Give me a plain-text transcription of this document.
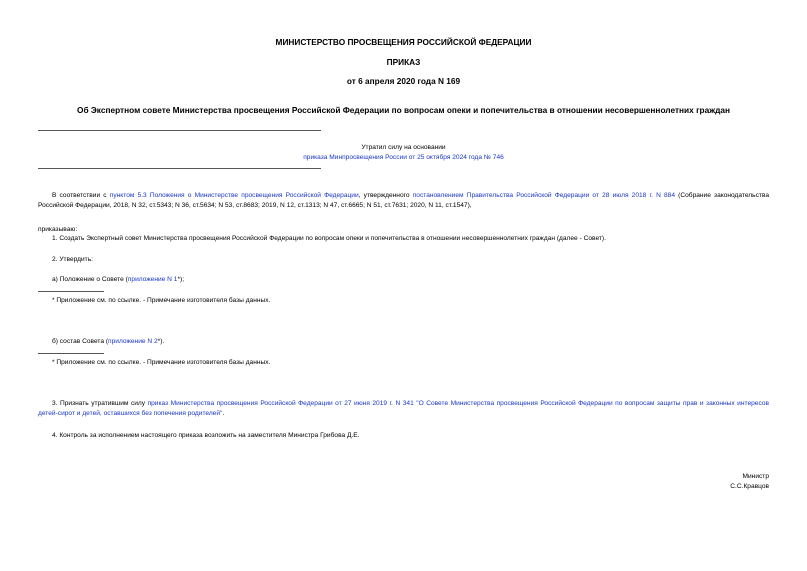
МИНИСТЕРСТВО ПРОСВЕЩЕНИЯ РОССИЙСКОЙ ФЕДЕРАЦИИ
ПРИКАЗ
от 6 апреля 2020 года N 169
Об Экспертном совете Министерства просвещения Российской Федерации по вопросам опеки и попечительства в отношении несовершеннолетних граждан
Утратил силу на основании
приказа Минпросвещения России от 25 октября 2024 года № 746
В соответствии с пунктом 5.3 Положения о Министерстве просвещения Российской Федерации, утвержденного постановлением Правительства Российской Федерации от 28 июля 2018 г. N 884 (Собрание законодательства Российской Федерации, 2018, N 32, ст.5343; N 36, ст.5634; N 53, ст.8683; 2019, N 12, ст.1313; N 47, ст.6665; N 51, ст.7631; 2020, N 11, ст.1547),
приказываю:
1. Создать Экспертный совет Министерства просвещения Российской Федерации по вопросам опеки и попечительства в отношении несовершеннолетних граждан (далее - Совет).
2. Утвердить:
а) Положение о Совете (приложение N 1*);
* Приложение см. по ссылке. - Примечание изготовителя базы данных.
б) состав Совета (приложение N 2*).
* Приложение см. по ссылке. - Примечание изготовителя базы данных.
3. Признать утратившим силу приказ Министерства просвещения Российской Федерации от 27 июня 2019 г. N 341 "О Совете Министерства просвещения Российской Федерации по вопросам защиты прав и законных интересов детей-сирот и детей, оставшихся без попечения родителей".
4. Контроль за исполнением настоящего приказа возложить на заместителя Министра Грибова Д.Е.
Министр
С.С.Кравцов
